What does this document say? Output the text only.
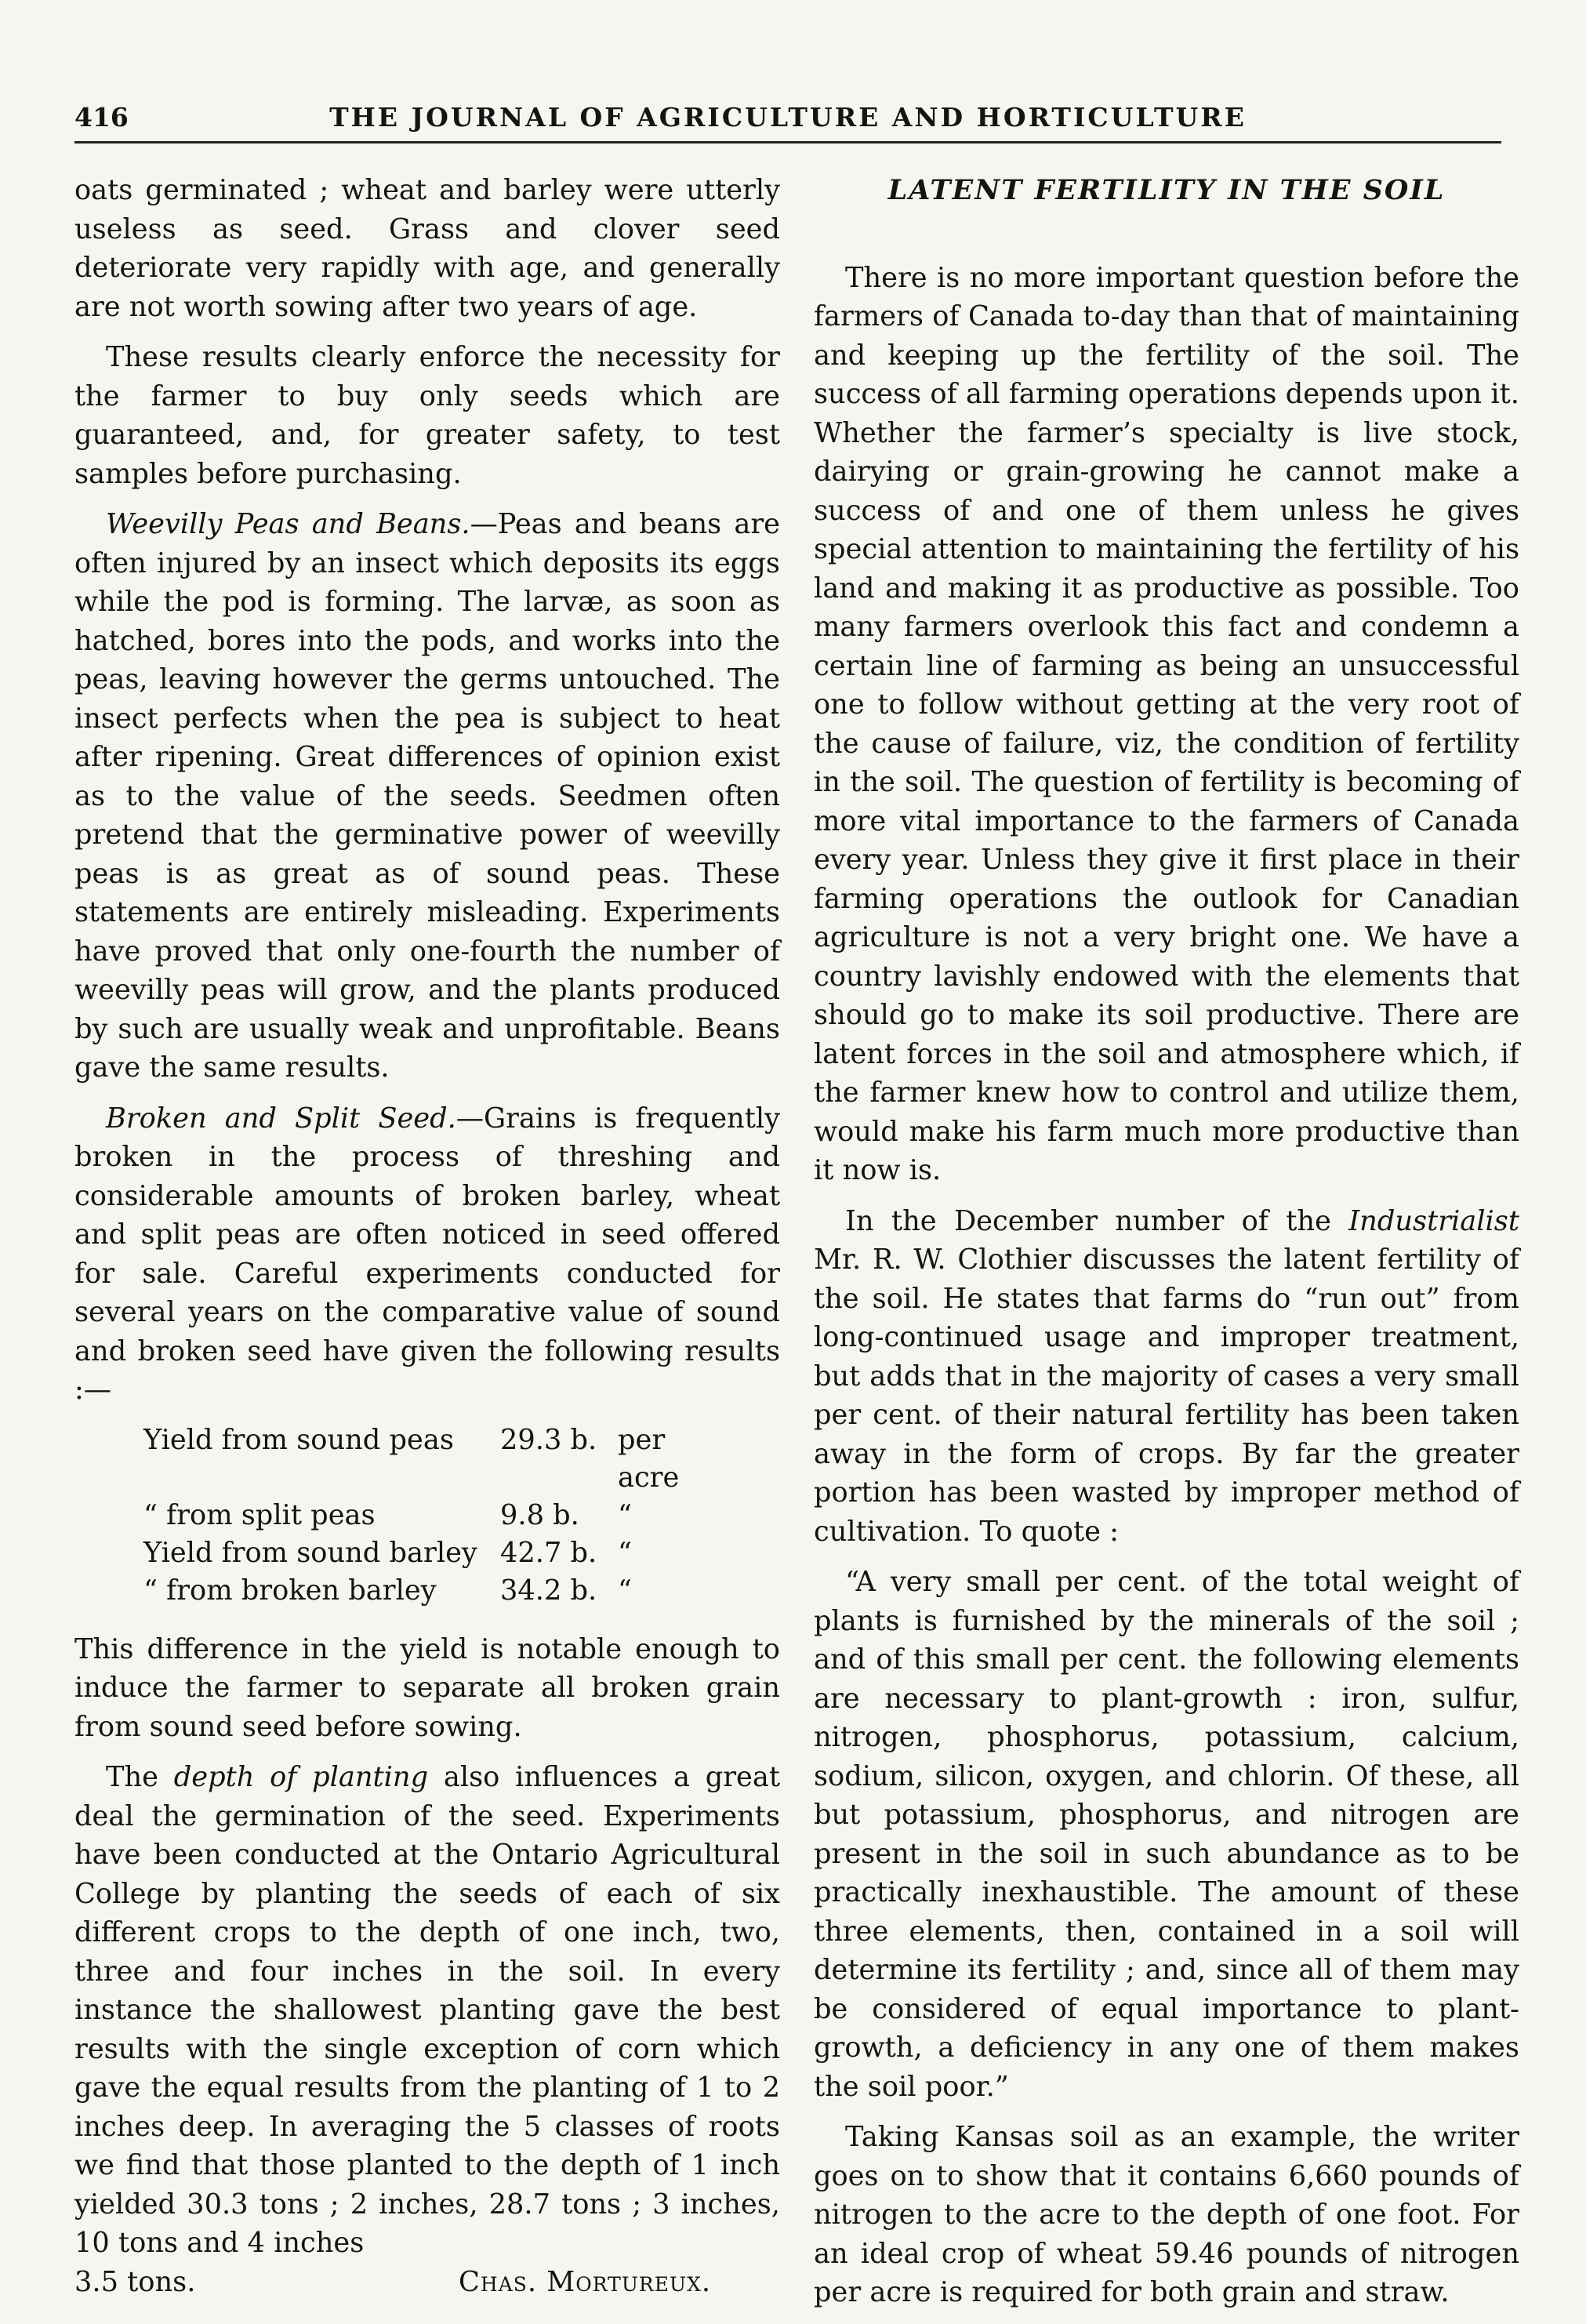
416	THE JOURNAL OF AGRICULTURE AND HORTICULTURE

oats germinated ; wheat and barley were utterly useless as seed. Grass and clover seed deteriorate very rapidly with age, and generally are not worth sowing after two years of age.

These results clearly enforce the necessity for the farmer to buy only seeds which are guaranteed, and, for greater safety, to test samples before purchasing.

Weevilly Peas and Beans.—Peas and beans are often injured by an insect which deposits its eggs while the pod is forming. The larvæ, as soon as hatched, bores into the pods, and works into the peas, leaving however the germs untouched. The insect perfects when the pea is subject to heat after ripening. Great differences of opinion exist as to the value of the seeds. Seedmen often pretend that the germinative power of weevilly peas is as great as of sound peas. These statements are entirely misleading. Experiments have proved that only one-fourth the number of weevilly peas will grow, and the plants produced by such are usually weak and unprofitable. Beans gave the same results.

Broken and Split Seed.—Grains is frequently broken in the process of threshing and considerable amounts of broken barley, wheat and split peas are often noticed in seed offered for sale. Careful experiments conducted for several years on the comparative value of sound and broken seed have given the following results :—

Yield from sound peas	29.3 b.	per acre
“ from split peas	9.8 b.	“
Yield from sound barley	42.7 b.	“
“ from broken barley	34.2 b.	“

This difference in the yield is notable enough to induce the farmer to separate all broken grain from sound seed before sowing.

The depth of planting also influences a great deal the germination of the seed. Experiments have been conducted at the Ontario Agricultural College by planting the seeds of each of six different crops to the depth of one inch, two, three and four inches in the soil. In every instance the shallowest planting gave the best results with the single exception of corn which gave the equal results from the planting of 1 to 2 inches deep. In averaging the 5 classes of roots we find that those planted to the depth of 1 inch yielded 30.3 tons ; 2 inches, 28.7 tons ; 3 inches, 10 tons and 4 inches

3.5 tons.	Chas. Mortureux.
LATENT FERTILITY IN THE SOIL

There is no more important question before the farmers of Canada to-day than that of maintaining and keeping up the fertility of the soil. The success of all farming operations depends upon it. Whether the farmer’s specialty is live stock, dairying or grain-growing he cannot make a success of and one of them unless he gives special attention to maintaining the fertility of his land and making it as productive as possible. Too many farmers overlook this fact and condemn a certain line of farming as being an unsuccessful one to follow without getting at the very root of the cause of failure, viz, the condition of fertility in the soil. The question of fertility is becoming of more vital importance to the farmers of Canada every year. Unless they give it first place in their farming operations the outlook for Canadian agriculture is not a very bright one. We have a country lavishly endowed with the elements that should go to make its soil productive. There are latent forces in the soil and atmosphere which, if the farmer knew how to control and utilize them, would make his farm much more productive than it now is.

In the December number of the Industrialist Mr. R. W. Clothier discusses the latent fertility of the soil. He states that farms do “run out” from long-continued usage and improper treatment, but adds that in the majority of cases a very small per cent. of their natural fertility has been taken away in the form of crops. By far the greater portion has been wasted by improper method of cultivation. To quote :

“A very small per cent. of the total weight of plants is furnished by the minerals of the soil ; and of this small per cent. the following elements are necessary to plant-growth : iron, sulfur, nitrogen, phosphorus, potassium, calcium, sodium, silicon, oxygen, and chlorin. Of these, all but potassium, phosphorus, and nitrogen are present in the soil in such abundance as to be practically inexhaustible. The amount of these three elements, then, contained in a soil will determine its fertility ; and, since all of them may be considered of equal importance to plant-growth, a deficiency in any one of them makes the soil poor.”

Taking Kansas soil as an example, the writer goes on to show that it contains 6,660 pounds of nitrogen to the acre to the depth of one foot. For an ideal crop of wheat 59.46 pounds of nitrogen per acre is required for both grain and straw.
